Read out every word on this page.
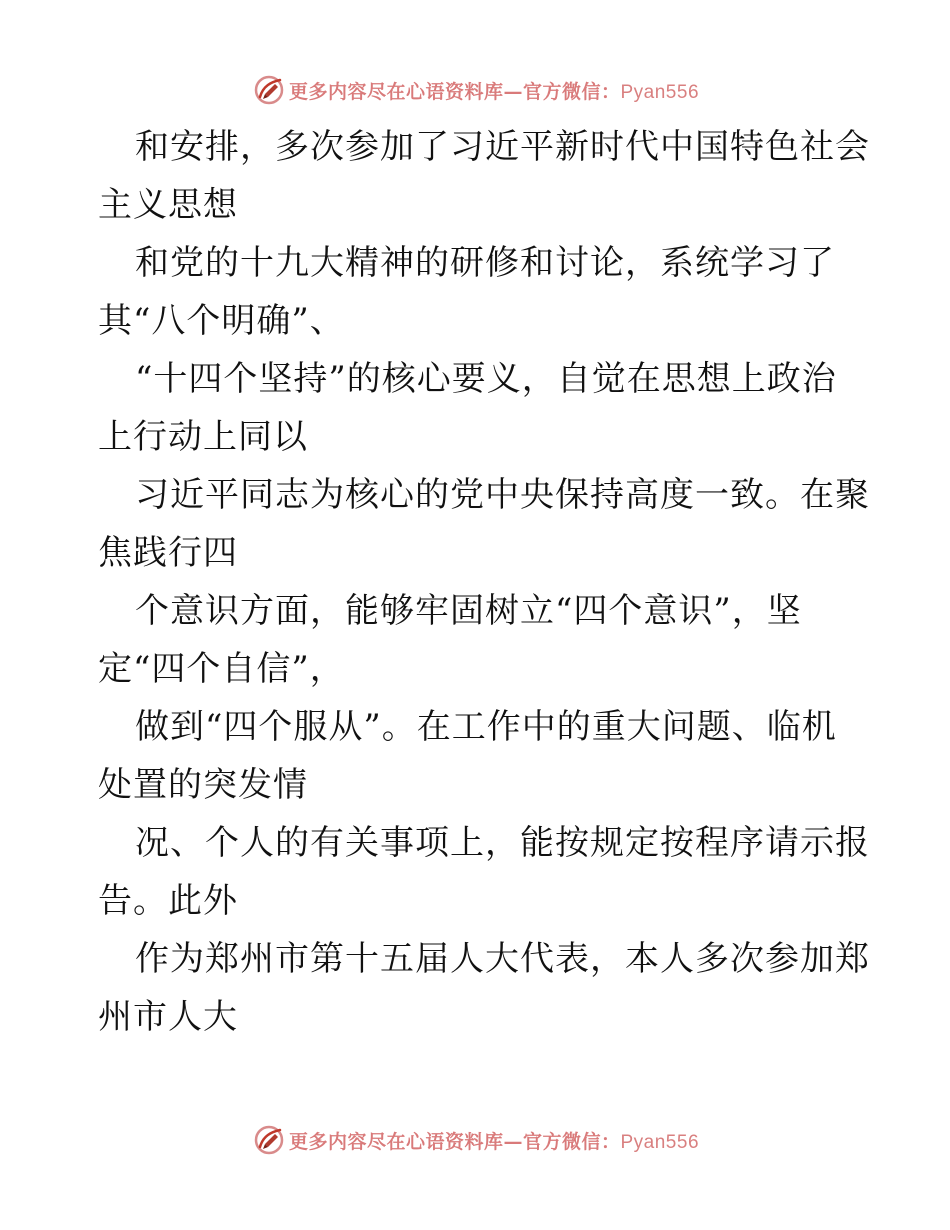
更多内容尽在心语资料库—官方微信：Pyan556
和安排，多次参加了习近平新时代中国特色社会
主义思想
和党的十九大精神的研修和讨论，系统学习了
其“八个明确”、
“十四个坚持”的核心要义，自觉在思想上政治
上行动上同以
习近平同志为核心的党中央保持高度一致。在聚
焦践行四
个意识方面，能够牢固树立“四个意识”，坚
定“四个自信”，
做到“四个服从”。在工作中的重大问题、临机
处置的突发情
况、个人的有关事项上，能按规定按程序请示报
告。此外
作为郑州市第十五届人大代表，本人多次参加郑
州市人大
更多内容尽在心语资料库—官方微信：Pyan556
